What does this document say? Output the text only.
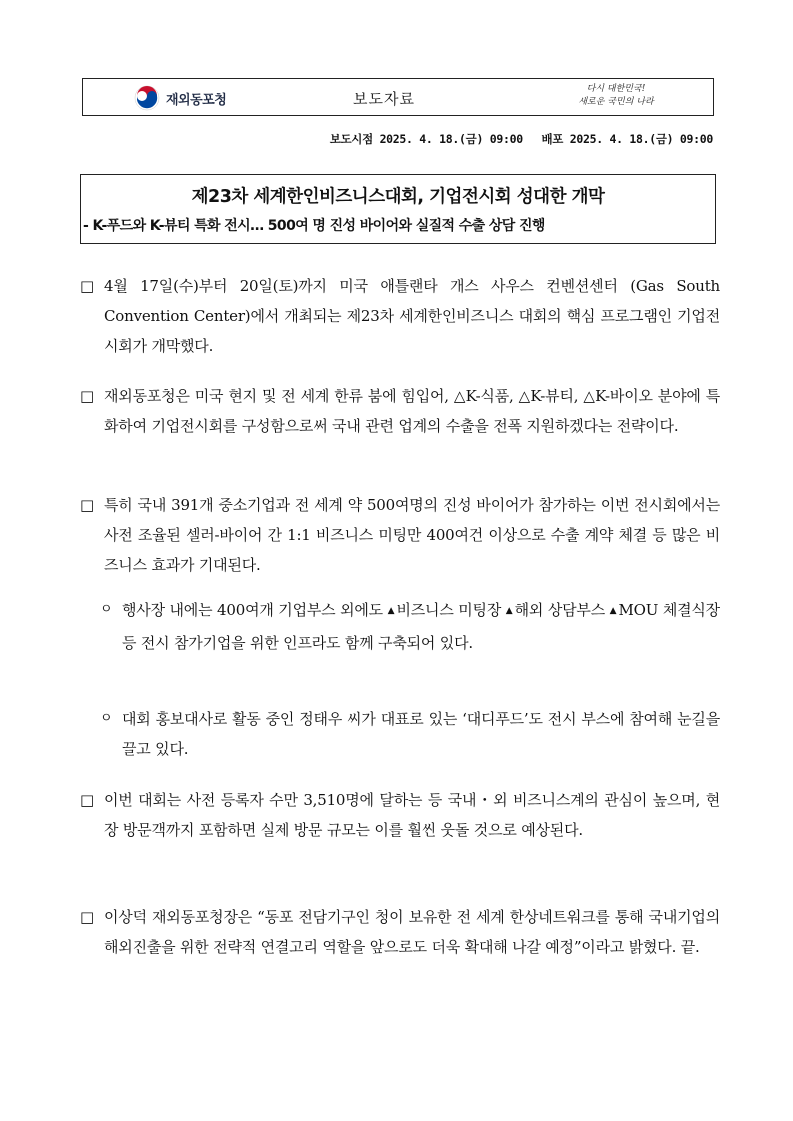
재외동포청	보도자료
다시 대한민국!
새로운 국민의 나라
보도시점 2025. 4. 18.(금) 09:00 배포 2025. 4. 18.(금) 09:00
제23차 세계한인비즈니스대회, 기업전시회 성대한 개막
- K-푸드와 K-뷰티 특화 전시… 500여 명 진성 바이어와 실질적 수출 상담 진행
□ 4월 17일(수)부터 20일(토)까지 미국 애틀랜타 개스 사우스 컨벤션센터 (Gas South Convention Center)에서 개최되는 제23차 세계한인비즈니스 대회의 핵심 프로그램인 기업전시회가 개막했다.
□ 재외동포청은 미국 현지 및 전 세계 한류 붐에 힘입어, △K-식품, △K-뷰티, △K-바이오 분야에 특화하여 기업전시회를 구성함으로써 국내 관련 업계의 수출을 전폭 지원하겠다는 전략이다.
□ 특히 국내 391개 중소기업과 전 세계 약 500여명의 진성 바이어가 참가하는 이번 전시회에서는 사전 조율된 셀러-바이어 간 1:1 비즈니스 미팅만 400여건 이상으로 수출 계약 체결 등 많은 비즈니스 효과가 기대된다.
ㅇ 행사장 내에는 400여개 기업부스 외에도 ▲ 비즈니스 미팅장 ▲ 해외 상담부스 ▲ MOU 체결식장 등 전시 참가기업을 위한 인프라도 함께 구축되어 있다.
ㅇ 대회 홍보대사로 활동 중인 정태우 씨가 대표로 있는 ‘대디푸드’도 전시 부스에 참여해 눈길을 끌고 있다.
□ 이번 대회는 사전 등록자 수만 3,510명에 달하는 등 국내・외 비즈니스계의 관심이 높으며, 현장 방문객까지 포함하면 실제 방문 규모는 이를 훨씬 웃돌 것으로 예상된다.
□ 이상덕 재외동포청장은 “동포 전담기구인 청이 보유한 전 세계 한상네트워크를 통해 국내기업의 해외진출을 위한 전략적 연결고리 역할을 앞으로도 더욱 확대해 나갈 예정”이라고 밝혔다. 끝.
